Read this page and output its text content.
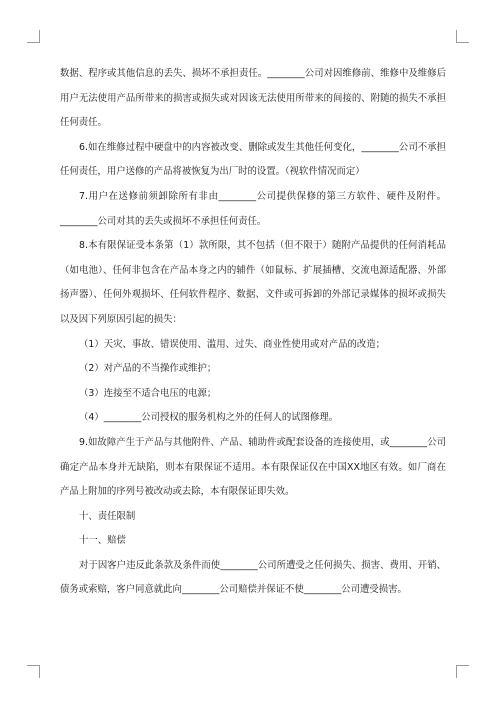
数据、程序或其他信息的丢失、损坏不承担责任。________公司对因维修前、维修中及维修后用户无法使用产品所带来的损害或损失或对因该无法使用所带来的间接的、附随的损失不承担任何责任。

6.如在维修过程中硬盘中的内容被改变、删除或发生其他任何变化，________公司不承担任何责任，用户送修的产品将被恢复为出厂时的设置。（视软件情况而定）

7.用户在送修前须卸除所有非由________公司提供保修的第三方软件、硬件及附件。________公司对其的丢失或损坏不承担任何责任。

8.本有限保证受本条第（1）款所限，其不包括（但不限于）随附产品提供的任何消耗品（如电池）、任何非包含在产品本身之内的辅件（如鼠标、扩展插槽、交流电源适配器、外部扬声器）、任何外观损坏、任何软件程序、数据、文件或可拆卸的外部记录媒体的损坏或损失以及因下列原因引起的损失：

（1）天灾、事故、错误使用、滥用、过失、商业性使用或对产品的改造；

（2）对产品的不当操作或维护；

（3）连接至不适合电压的电源；

（4）________公司授权的服务机构之外的任何人的试图修理。

9.如故障产生于产品与其他附件、产品、辅助件或配套设备的连接使用，或________公司确定产品本身并无缺陷，则本有限保证不适用。本有限保证仅在中国XX地区有效。如厂商在产品上附加的序列号被改动或去除，本有限保证即失效。

十、责任限制

十一、赔偿

对于因客户违反此条款及条件而使________公司所遭受之任何损失、损害、费用、开销、债务或索赔，客户同意就此向________公司赔偿并保证不使________公司遭受损害。
